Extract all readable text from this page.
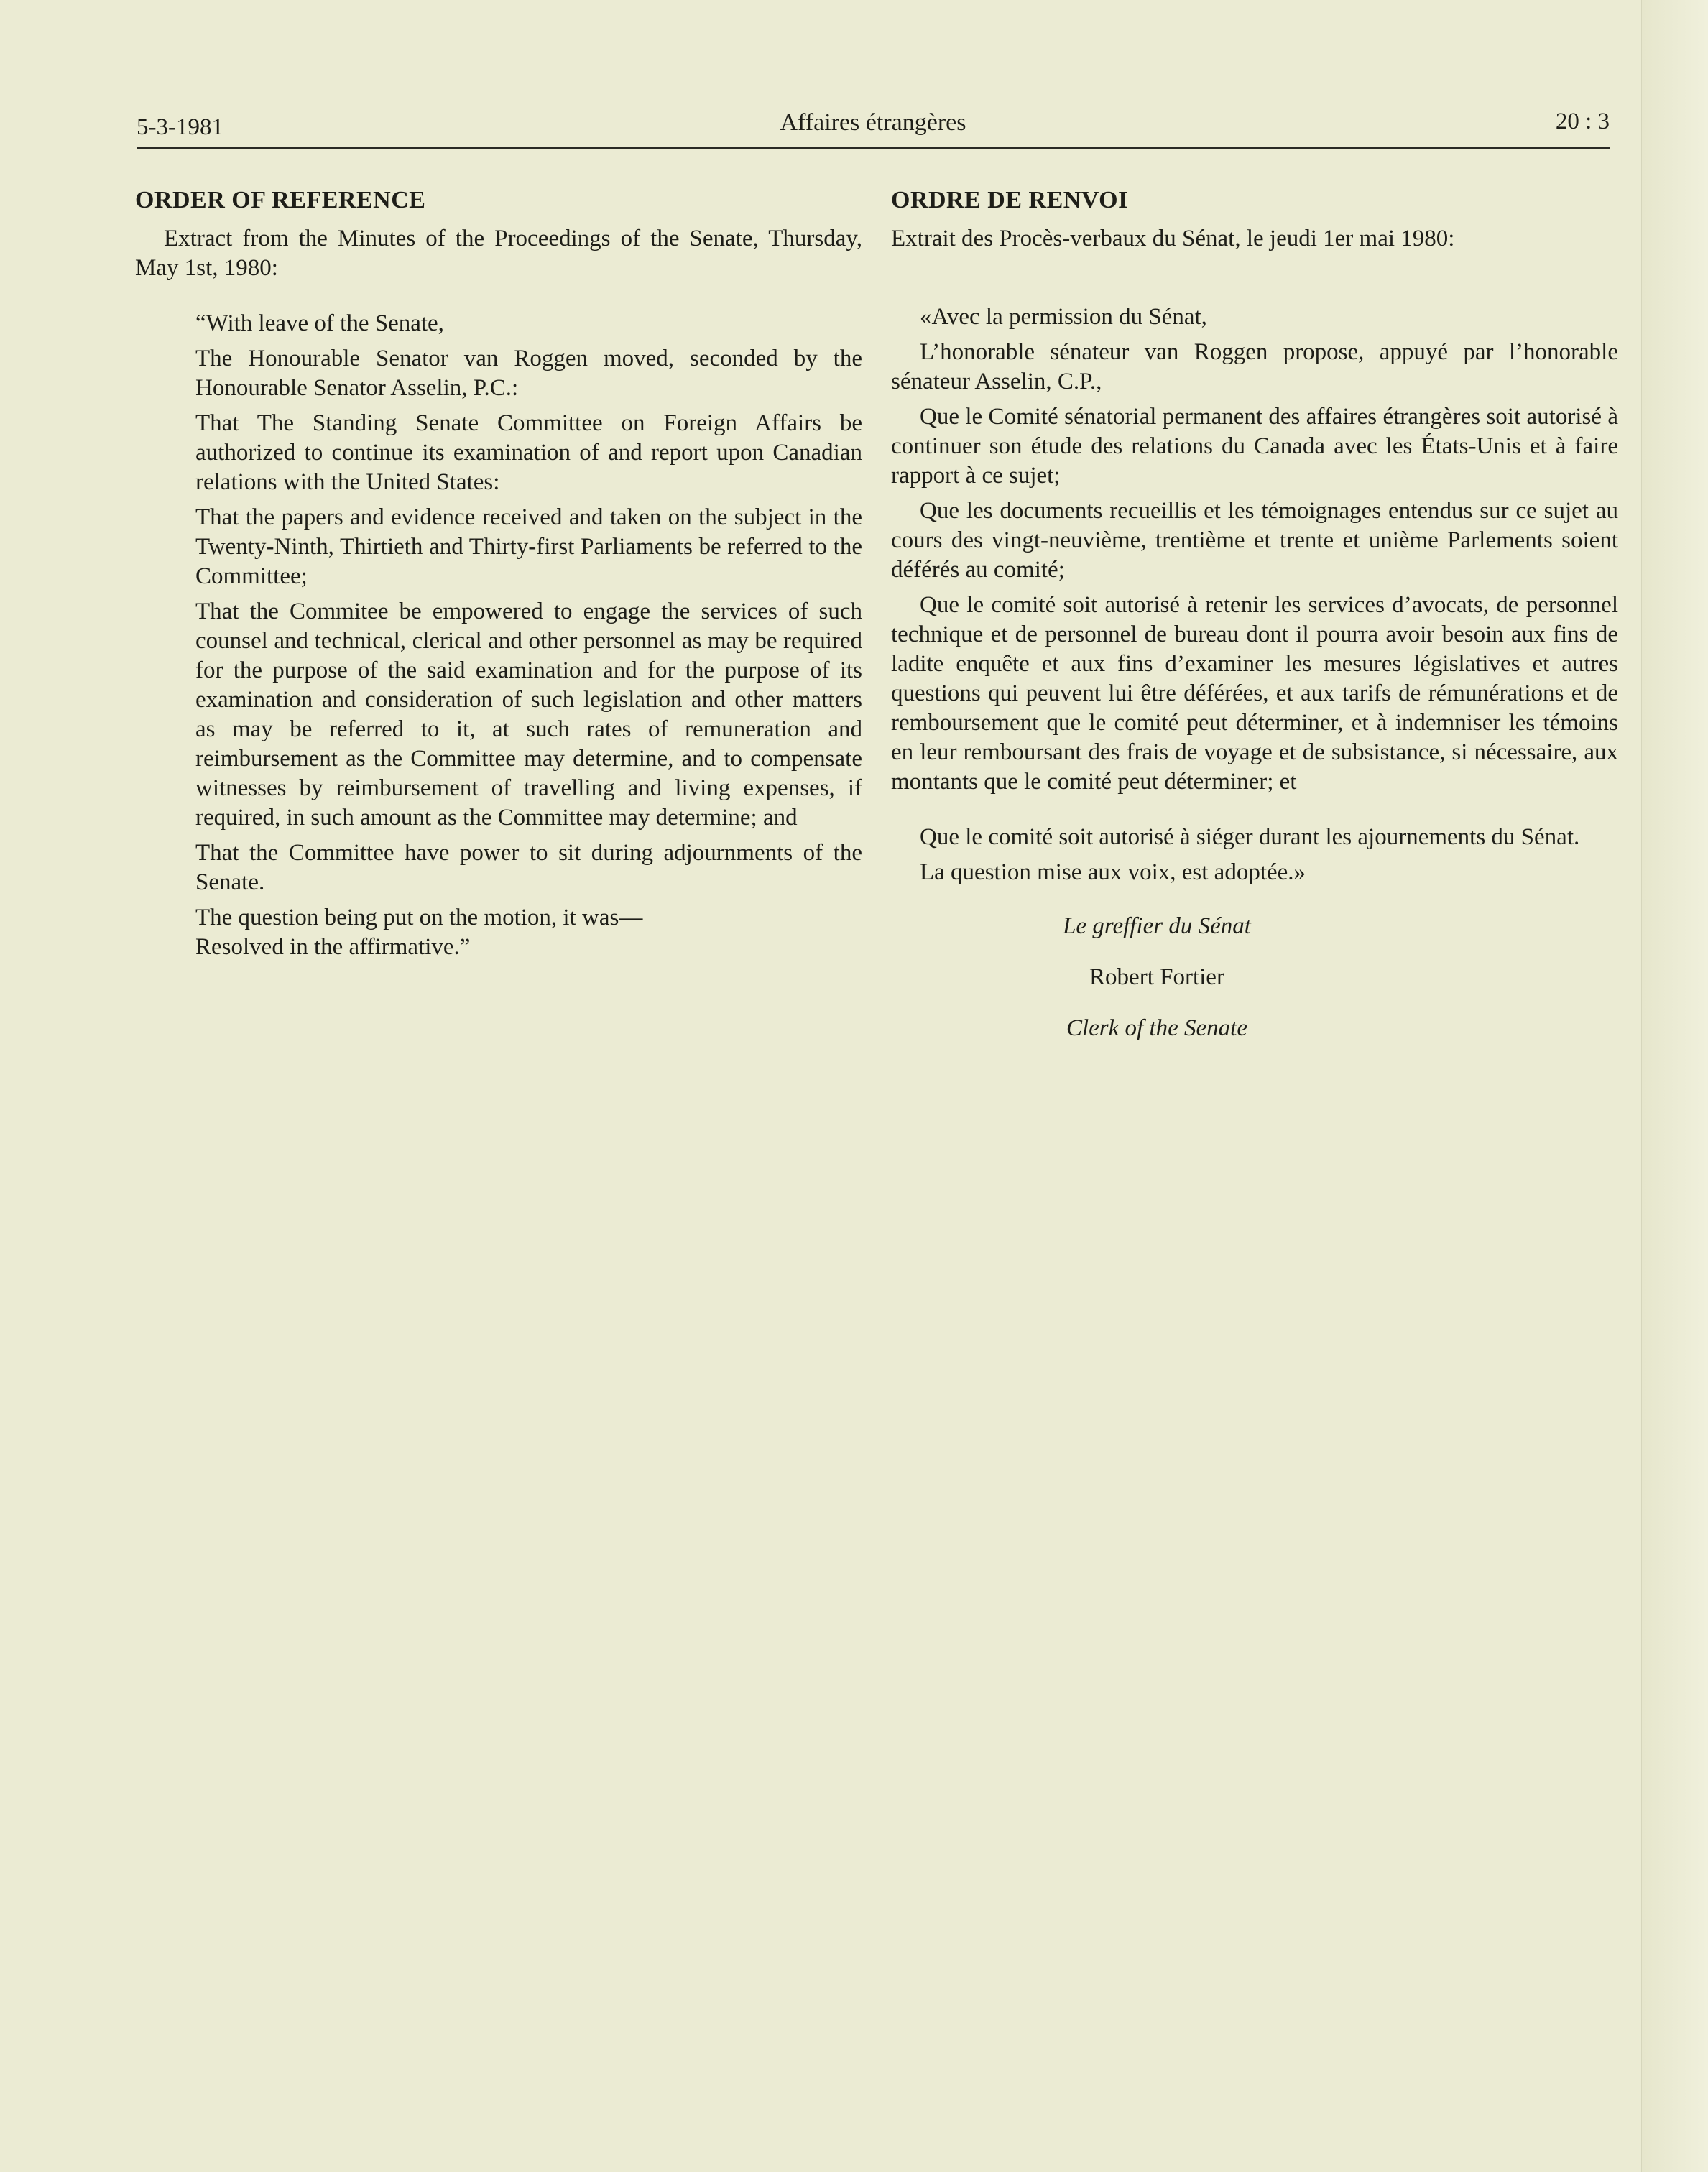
5-3-1981	Affaires étrangères	20 : 3
ORDER OF REFERENCE

Extract from the Minutes of the Proceedings of the Senate, Thursday, May 1st, 1980:

“With leave of the Senate,

The Honourable Senator van Roggen moved, seconded by the Honourable Senator Asselin, P.C.:

That The Standing Senate Committee on Foreign Affairs be authorized to continue its examination of and report upon Canadian relations with the United States:

That the papers and evidence received and taken on the subject in the Twenty-Ninth, Thirtieth and Thirty-first Parliaments be referred to the Committee;

That the Commitee be empowered to engage the services of such counsel and technical, clerical and other personnel as may be required for the purpose of the said examination and for the purpose of its examination and consideration of such legislation and other matters as may be referred to it, at such rates of remuneration and reimbursement as the Committee may determine, and to compensate witnesses by reimbursement of travelling and living expenses, if required, in such amount as the Committee may determine; and

That the Committee have power to sit during adjournments of the Senate.

The question being put on the motion, it was—

Resolved in the affirmative.”

ORDRE DE RENVOI

Extrait des Procès-verbaux du Sénat, le jeudi 1er mai 1980:

«Avec la permission du Sénat,

L’honorable sénateur van Roggen propose, appuyé par l’honorable sénateur Asselin, C.P.,

Que le Comité sénatorial permanent des affaires étrangères soit autorisé à continuer son étude des relations du Canada avec les États-Unis et à faire rapport à ce sujet;

Que les documents recueillis et les témoignages entendus sur ce sujet au cours des vingt-neuvième, trentième et trente et unième Parlements soient déférés au comité;

Que le comité soit autorisé à retenir les services d’avocats, de personnel technique et de personnel de bureau dont il pourra avoir besoin aux fins de ladite enquête et aux fins d’examiner les mesures législatives et autres questions qui peuvent lui être déférées, et aux tarifs de rémunérations et de remboursement que le comité peut déterminer, et à indemniser les témoins en leur remboursant des frais de voyage et de subsistance, si nécessaire, aux montants que le comité peut déterminer; et

Que le comité soit autorisé à siéger durant les ajournements du Sénat.

La question mise aux voix, est adoptée.»

Le greffier du Sénat

Robert Fortier

Clerk of the Senate
